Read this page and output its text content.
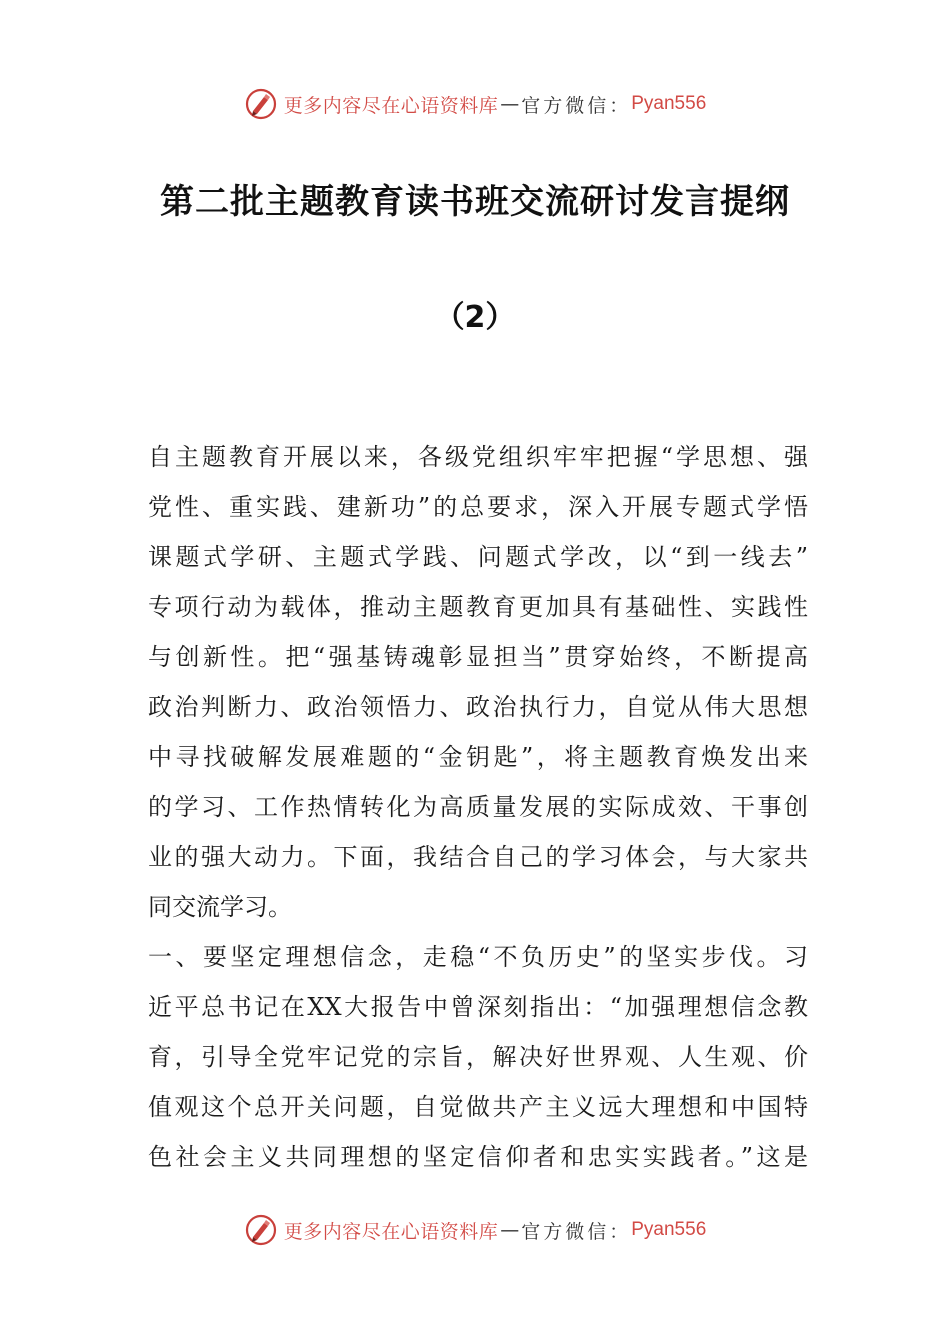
更多内容尽在心语资料库 — 官方微信： Pyan556
第二批主题教育读书班交流研讨发言提纲
（2）
自主题教育开展以来，各级党组织牢牢把握“学思想、强
党性、重实践、建新功”的总要求，深入开展专题式学悟
课题式学研、主题式学践、问题式学改，以“到一线去”
专项行动为载体，推动主题教育更加具有基础性、实践性
与创新性。把“强基铸魂彰显担当”贯穿始终，不断提高
政治判断力、政治领悟力、政治执行力，自觉从伟大思想
中寻找破解发展难题的“金钥匙”，将主题教育焕发出来
的学习、工作热情转化为高质量发展的实际成效、干事创
业的强大动力。下面，我结合自己的学习体会，与大家共
同交流学习。
一、要坚定理想信念，走稳“不负历史”的坚实步伐。习
近平总书记在XX大报告中曾深刻指出：“加强理想信念教
育，引导全党牢记党的宗旨，解决好世界观、人生观、价
值观这个总开关问题，自觉做共产主义远大理想和中国特
色社会主义共同理想的坚定信仰者和忠实实践者。”这是
更多内容尽在心语资料库 — 官方微信： Pyan556
